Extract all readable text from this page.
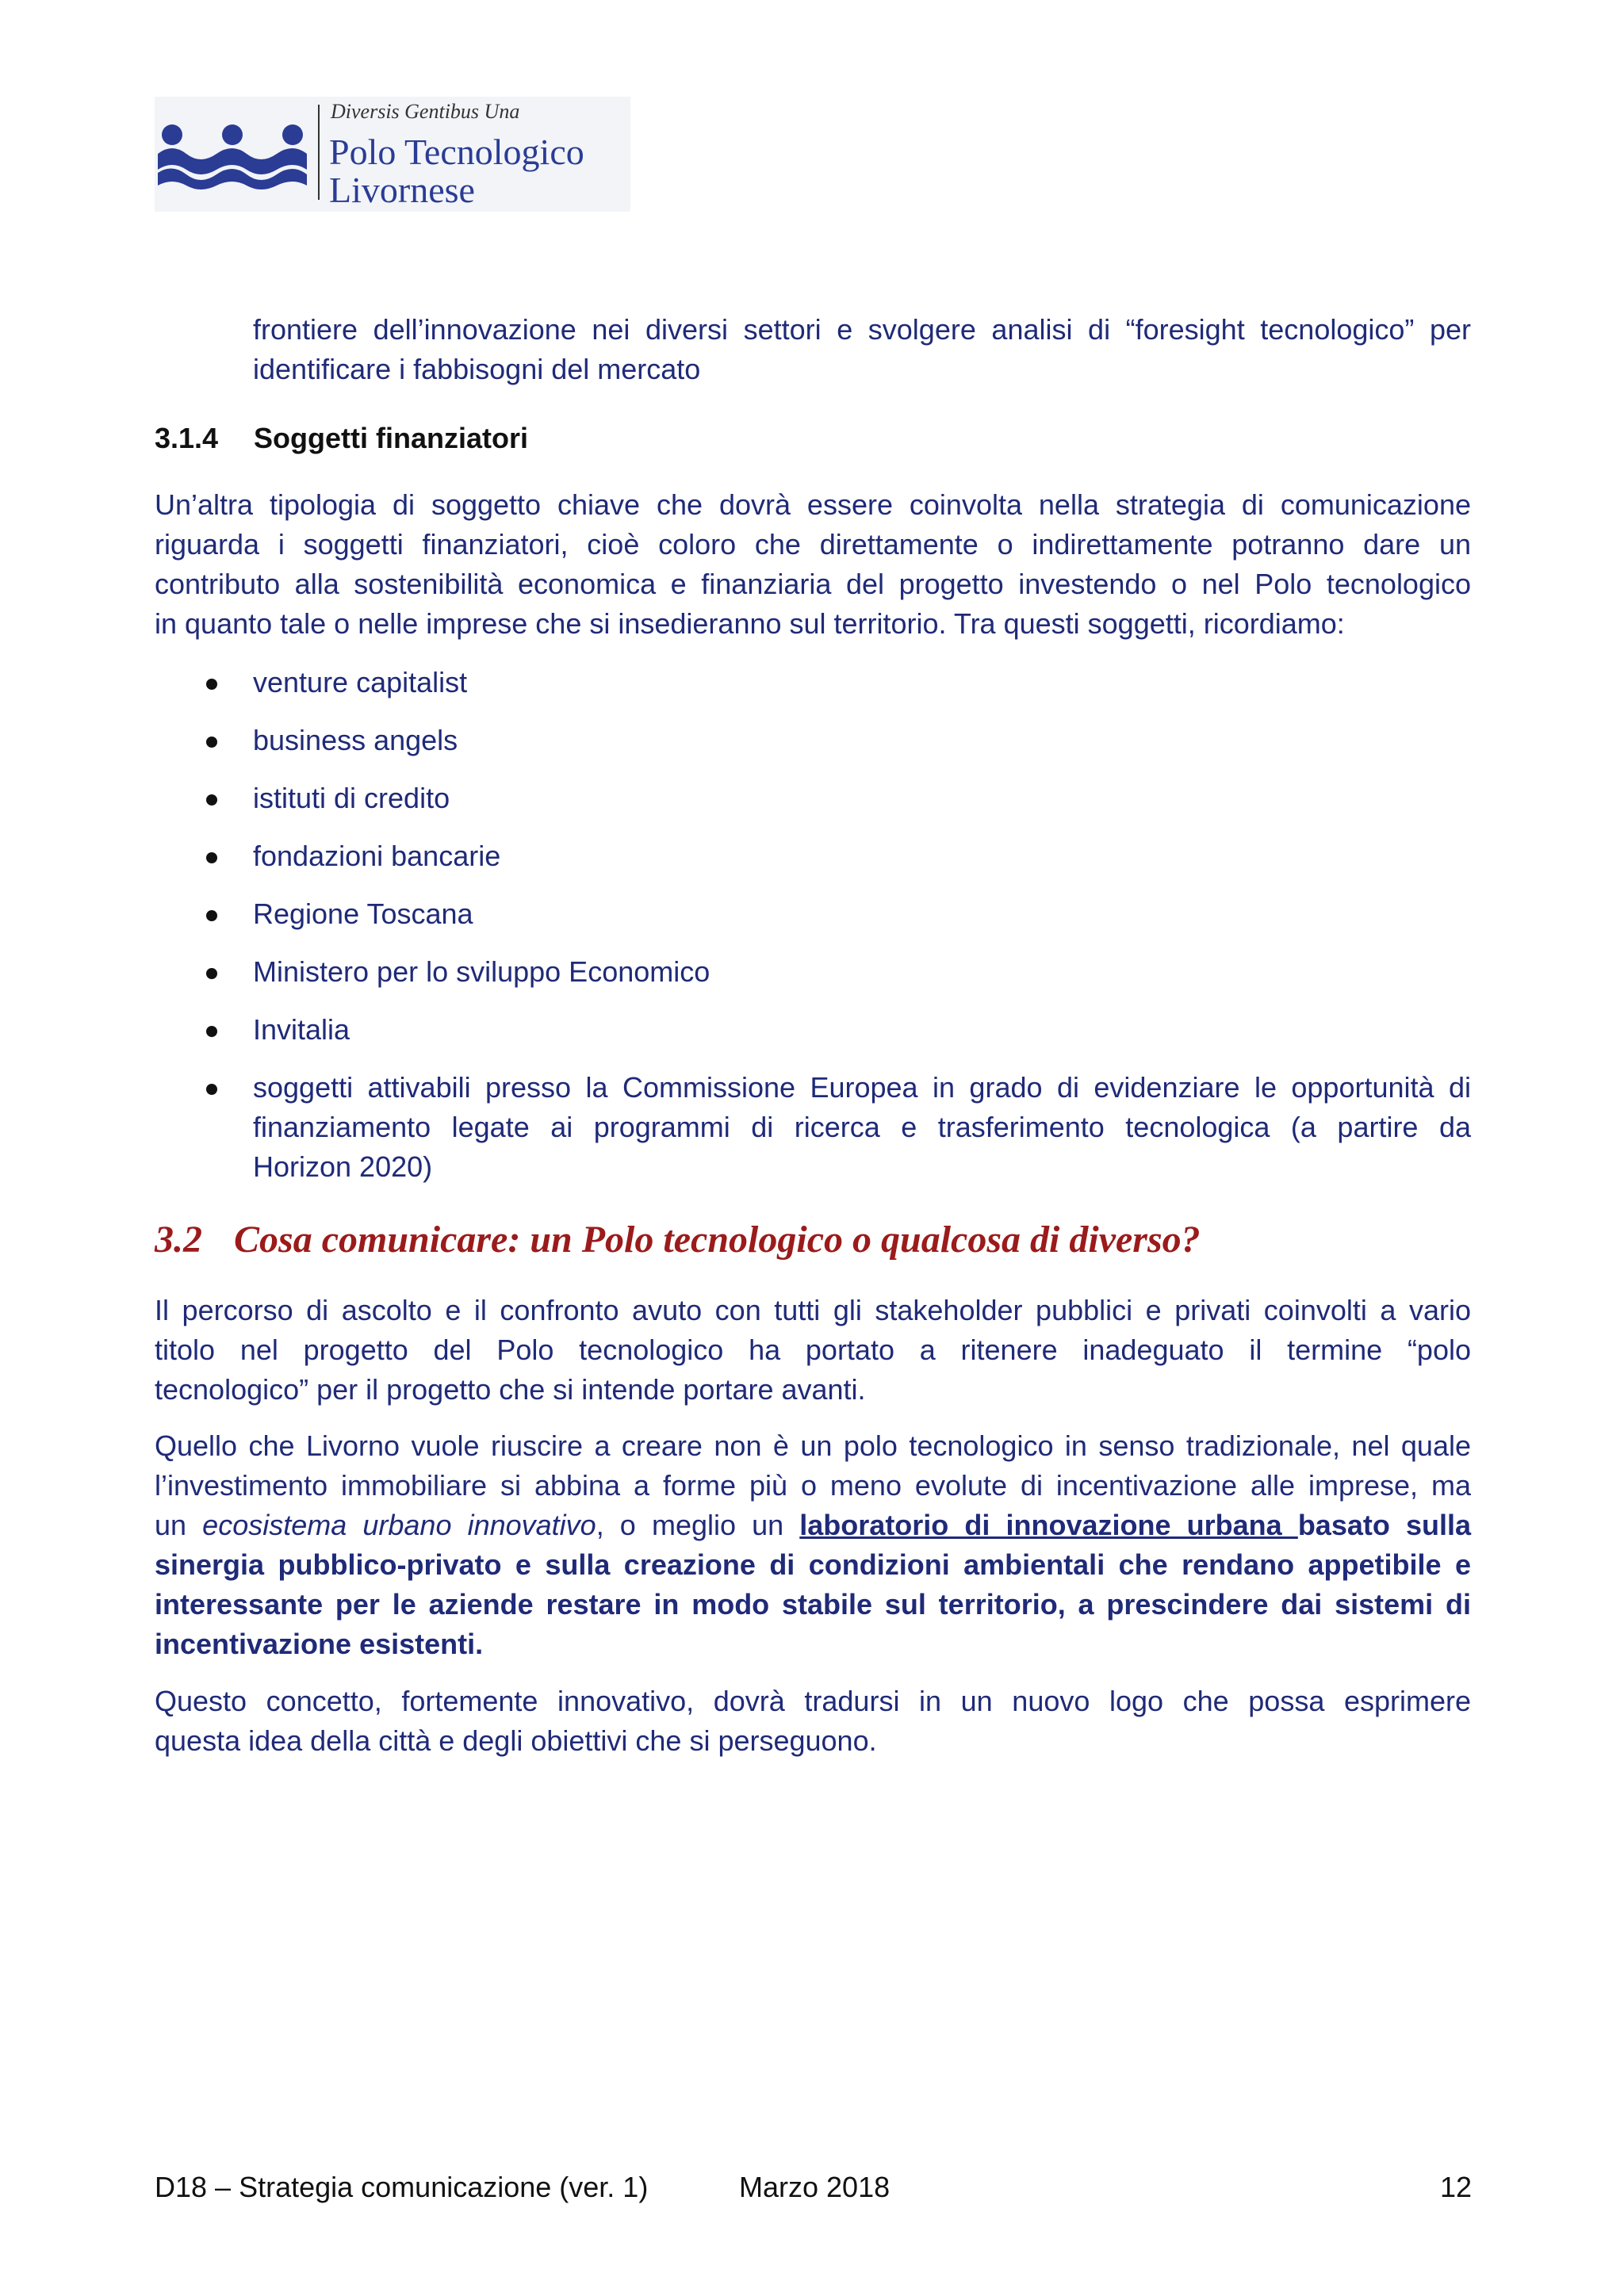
Diversis Gentibus Una
Polo Tecnologico
Livornese
frontiere dell’innovazione nei diversi settori e svolgere analisi di “foresight tecnologico” per
identificare i fabbisogni del mercato
3.1.4 Soggetti finanziatori
Un’altra tipologia di soggetto chiave che dovrà essere coinvolta nella strategia di comunicazione
riguarda i soggetti finanziatori, cioè coloro che direttamente o indirettamente potranno dare un
contributo alla sostenibilità economica e finanziaria del progetto investendo o nel Polo tecnologico
in quanto tale o nelle imprese che si insedieranno sul territorio. Tra questi soggetti, ricordiamo:
venture capitalist
business angels
istituti di credito
fondazioni bancarie
Regione Toscana
Ministero per lo sviluppo Economico
Invitalia
soggetti attivabili presso la Commissione Europea in grado di evidenziare le opportunità di
finanziamento legate ai programmi di ricerca e trasferimento tecnologica (a partire da
Horizon 2020)
3.2 Cosa comunicare: un Polo tecnologico o qualcosa di diverso?
Il percorso di ascolto e il confronto avuto con tutti gli stakeholder pubblici e privati coinvolti a vario
titolo nel progetto del Polo tecnologico ha portato a ritenere inadeguato il termine “polo
tecnologico” per il progetto che si intende portare avanti.
Quello che Livorno vuole riuscire a creare non è un polo tecnologico in senso tradizionale, nel quale
l’investimento immobiliare si abbina a forme più o meno evolute di incentivazione alle imprese, ma
un ecosistema urbano innovativo, o meglio un laboratorio di innovazione urbana basato sulla
sinergia pubblico-privato e sulla creazione di condizioni ambientali che rendano appetibile e
interessante per le aziende restare in modo stabile sul territorio, a prescindere dai sistemi di
incentivazione esistenti.
Questo concetto, fortemente innovativo, dovrà tradursi in un nuovo logo che possa esprimere
questa idea della città e degli obiettivi che si perseguono.
D18 – Strategia comunicazione (ver. 1)	Marzo 2018	12
